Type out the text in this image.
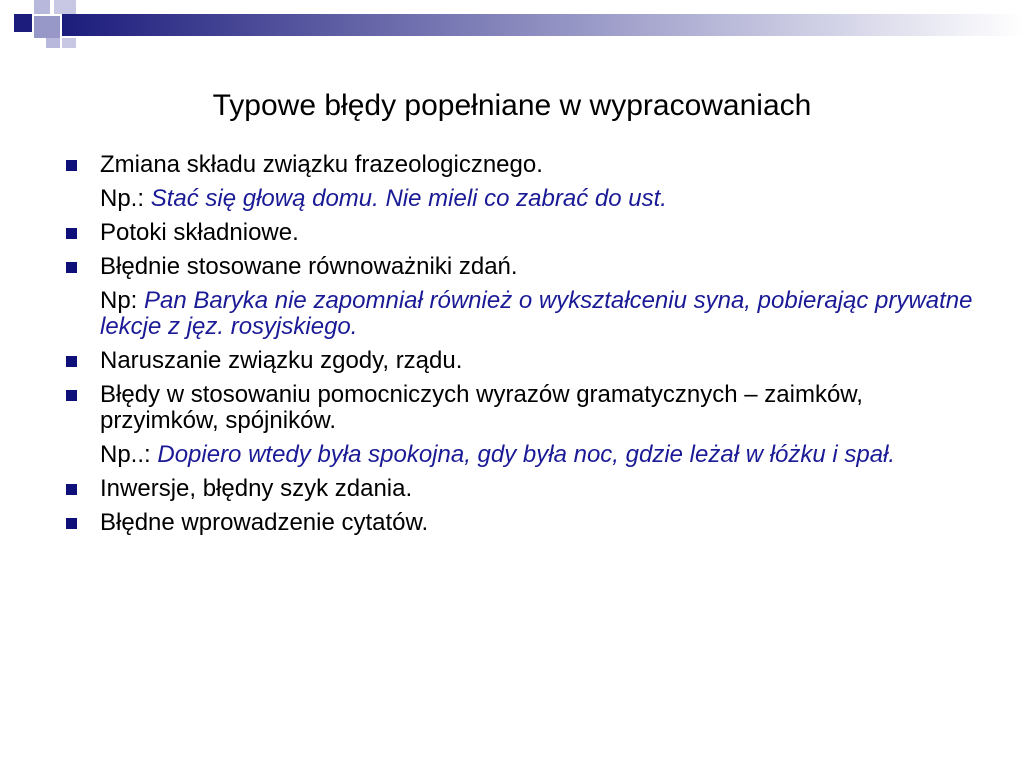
Typowe błędy popełniane w wypracowaniach
Zmiana składu związku frazeologicznego.
Np.: Stać się głową domu. Nie mieli co zabrać do ust.
Potoki składniowe.
Błędnie stosowane równoważniki zdań.
Np: Pan Baryka nie zapomniał również o wykształceniu syna, pobierając prywatne lekcje z jęz. rosyjskiego.
Naruszanie związku zgody, rządu.
Błędy w stosowaniu pomocniczych wyrazów gramatycznych – zaimków, przyimków, spójników.
Np..: Dopiero wtedy była spokojna, gdy była noc, gdzie leżał w łóżku i spał.
Inwersje, błędny szyk zdania.
Błędne wprowadzenie cytatów.
